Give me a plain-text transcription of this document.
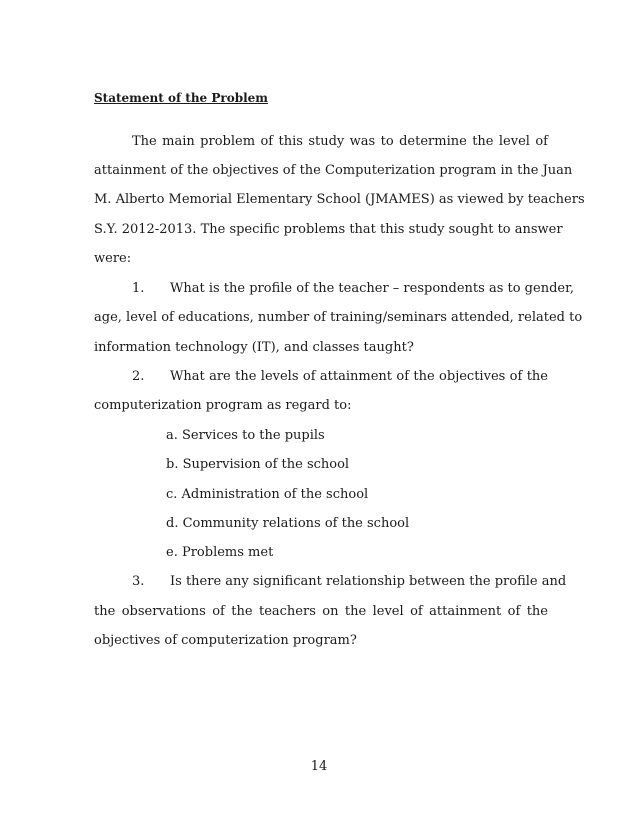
Statement of the Problem
The main problem of this study was to determine the level of
attainment of the objectives of the Computerization program in the Juan
M. Alberto Memorial Elementary School (JMAMES) as viewed by teachers
S.Y. 2012-2013. The specific problems that this study sought to answer
were:
1. What is the profile of the teacher – respondents as to gender,
age, level of educations, number of training/seminars attended, related to
information technology (IT), and classes taught?
2. What are the levels of attainment of the objectives of the
computerization program as regard to:
a. Services to the pupils
b. Supervision of the school
c. Administration of the school
d. Community relations of the school
e. Problems met
3. Is there any significant relationship between the profile and
the observations of the teachers on the level of attainment of the
objectives of computerization program?
14
